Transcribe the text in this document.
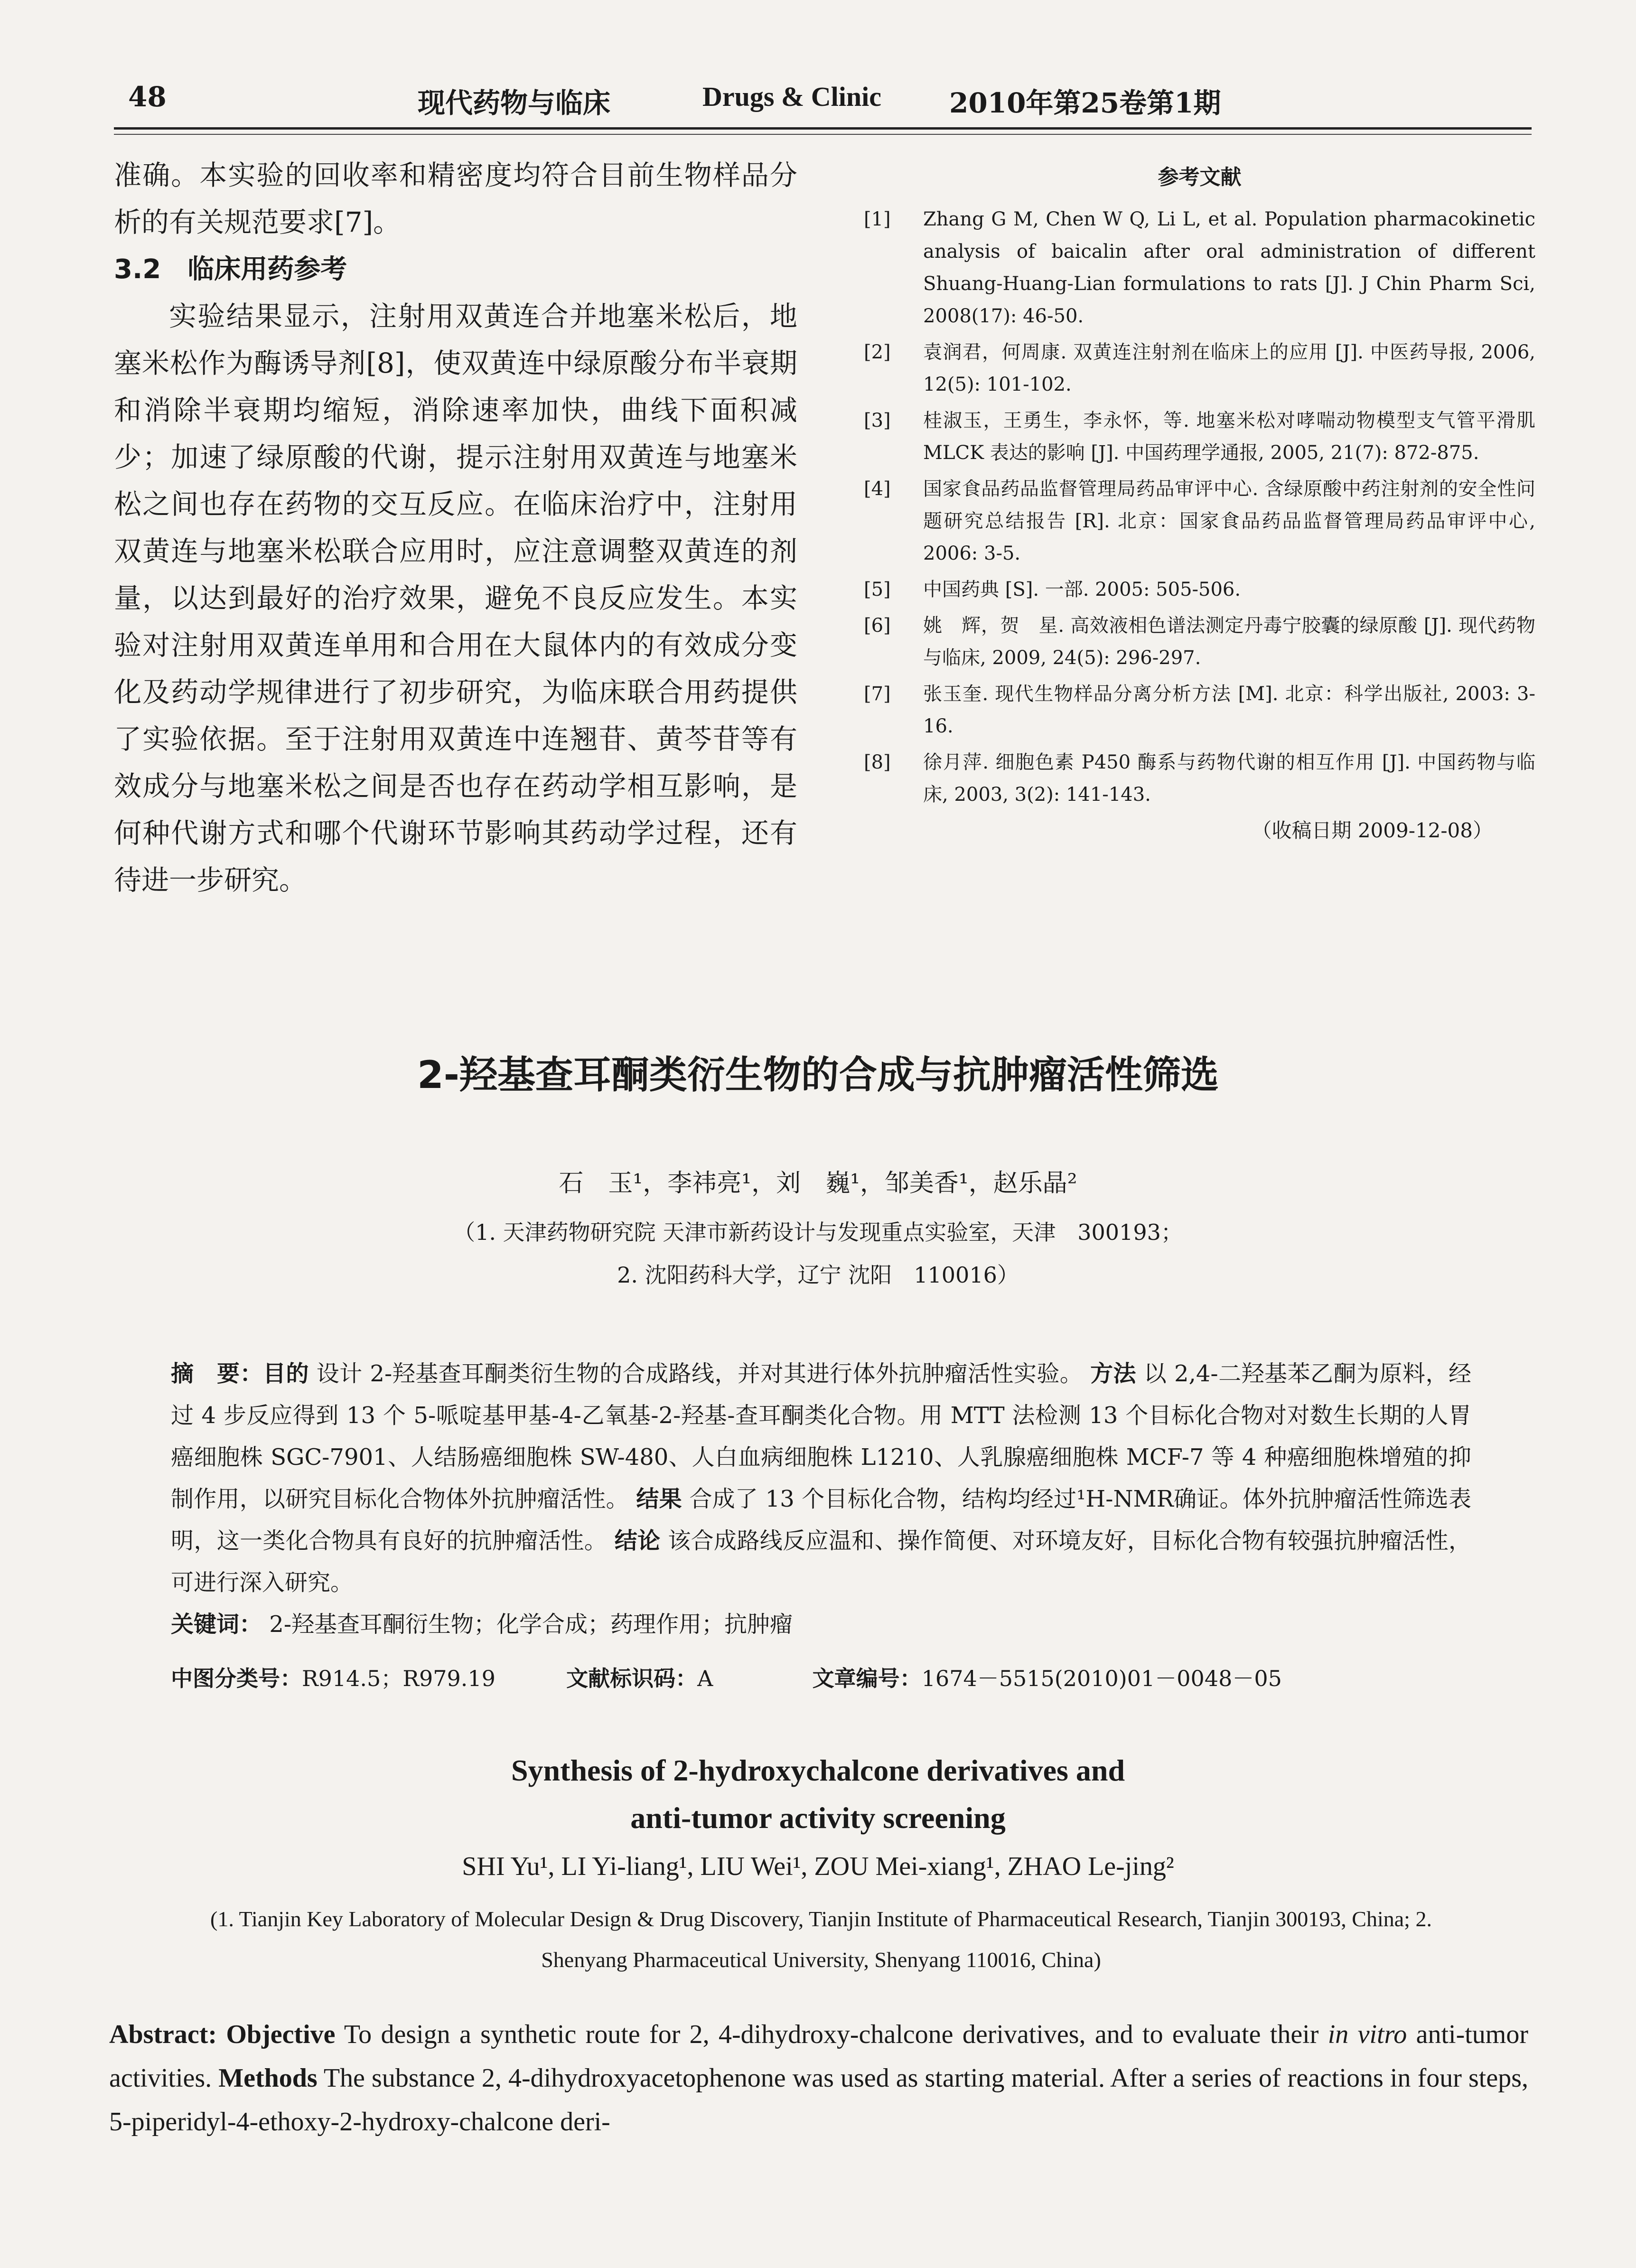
48	现代药物与临床	Drugs & Clinic 2010年第25卷第1期

准确。本实验的回收率和精密度均符合目前生物样品分析的有关规范要求[7]。

3.2　临床用药参考

实验结果显示，注射用双黄连合并地塞米松后，地塞米松作为酶诱导剂[8]，使双黄连中绿原酸分布半衰期和消除半衰期均缩短，消除速率加快，曲线下面积减少；加速了绿原酸的代谢，提示注射用双黄连与地塞米松之间也存在药物的交互反应。在临床治疗中，注射用双黄连与地塞米松联合应用时，应注意调整双黄连的剂量，以达到最好的治疗效果，避免不良反应发生。本实验对注射用双黄连单用和合用在大鼠体内的有效成分变化及药动学规律进行了初步研究，为临床联合用药提供了实验依据。至于注射用双黄连中连翘苷、黄芩苷等有效成分与地塞米松之间是否也存在药动学相互影响，是何种代谢方式和哪个代谢环节影响其药动学过程，还有待进一步研究。

参考文献
[1] Zhang G M, Chen W Q, Li L, et al. Population pharmacokinetic analysis of baicalin after oral administration of different Shuang-Huang-Lian formulations to rats [J]. J Chin Pharm Sci, 2008(17): 46-50.
[2] 袁润君，何周康. 双黄连注射剂在临床上的应用 [J]. 中医药导报, 2006, 12(5): 101-102.
[3] 桂淑玉，王勇生，李永怀，等. 地塞米松对哮喘动物模型支气管平滑肌 MLCK 表达的影响 [J]. 中国药理学通报, 2005, 21(7): 872-875.
[4] 国家食品药品监督管理局药品审评中心. 含绿原酸中药注射剂的安全性问题研究总结报告 [R]. 北京：国家食品药品监督管理局药品审评中心, 2006: 3-5.
[5] 中国药典 [S]. 一部. 2005: 505-506.
[6] 姚　辉，贺　星. 高效液相色谱法测定丹毒宁胶囊的绿原酸 [J]. 现代药物与临床, 2009, 24(5): 296-297.
[7] 张玉奎. 现代生物样品分离分析方法 [M]. 北京：科学出版社, 2003: 3-16.
[8] 徐月萍. 细胞色素 P450 酶系与药物代谢的相互作用 [J]. 中国药物与临床, 2003, 3(2): 141-143.
（收稿日期 2009-12-08）
2-羟基查耳酮类衍生物的合成与抗肿瘤活性筛选
石　玉¹，李祎亮¹，刘　巍¹，邹美香¹，赵乐晶²
（1. 天津药物研究院 天津市新药设计与发现重点实验室，天津　300193；
2. 沈阳药科大学，辽宁 沈阳　110016）

摘　要：目的 设计 2-羟基查耳酮类衍生物的合成路线，并对其进行体外抗肿瘤活性实验。 方法 以 2,4-二羟基苯乙酮为原料，经过 4 步反应得到 13 个 5-哌啶基甲基-4-乙氧基-2-羟基-查耳酮类化合物。用 MTT 法检测 13 个目标化合物对对数生长期的人胃癌细胞株 SGC-7901、人结肠癌细胞株 SW-480、人白血病细胞株 L1210、人乳腺癌细胞株 MCF-7 等 4 种癌细胞株增殖的抑制作用，以研究目标化合物体外抗肿瘤活性。 结果 合成了 13 个目标化合物，结构均经过¹H-NMR确证。体外抗肿瘤活性筛选表明，这一类化合物具有良好的抗肿瘤活性。 结论 该合成路线反应温和、操作简便、对环境友好，目标化合物有较强抗肿瘤活性，可进行深入研究。

关键词： 2-羟基查耳酮衍生物；化学合成；药理作用；抗肿瘤

中图分类号：R914.5；R979.19	文献标识码：A	文章编号：1674－5515(2010)01－0048－05
Synthesis of 2-hydroxychalcone derivatives and
anti-tumor activity screening
SHI Yu¹, LI Yi-liang¹, LIU Wei¹, ZOU Mei-xiang¹, ZHAO Le-jing²
(1. Tianjin Key Laboratory of Molecular Design & Drug Discovery, Tianjin Institute of Pharmaceutical Research, Tianjin 300193, China; 2. Shenyang Pharmaceutical University, Shenyang 110016, China)
Abstract: Objective To design a synthetic route for 2, 4-dihydroxy-chalcone derivatives, and to evaluate their in vitro anti-tumor activities. Methods The substance 2, 4-dihydroxyacetophenone was used as starting material. After a series of reactions in four steps, 5-piperidyl-4-ethoxy-2-hydroxy-chalcone deri-
